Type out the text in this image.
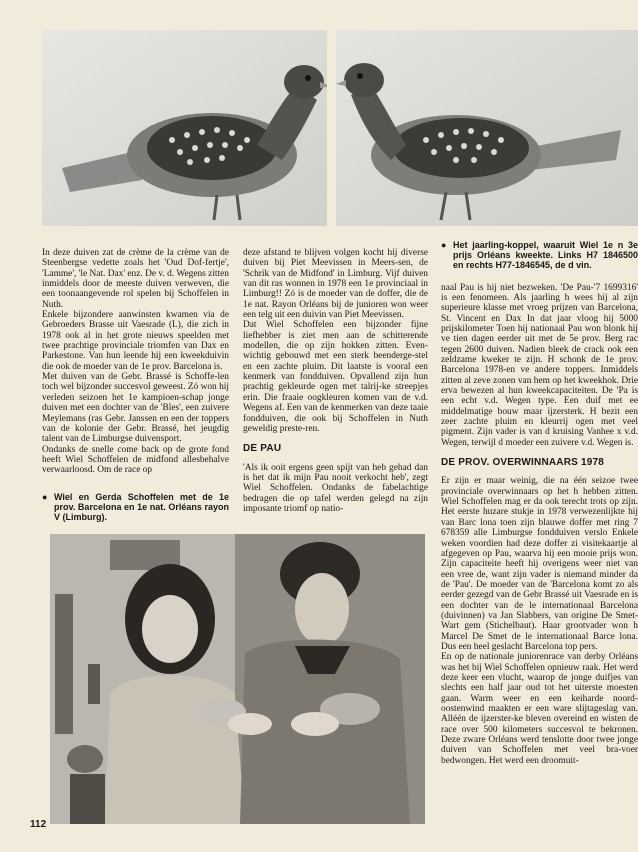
In deze duiven zat de crème de la crème van de Steenbergse vedette zoals het 'Oud Dof-fertje', 'Lamme', 'le Nat. Dax' enz. De v. d. Wegens zitten inmiddels door de meeste duiven verweven, die een toonaangevende rol spelen bij Schoffelen in Nuth.

Enkele bijzondere aanwinsten kwamen via de Gebroeders Brasse uit Vaesrade (L), die zich in 1978 ook al in het grote nieuws speelden met twee prachtige provinciale triomfen van Dax en Parkestone. Van hun leende hij een kweekduivin die ook de moeder van de 1e prov. Barcelona is.

Met duiven van de Gebr. Brassé is Schoffe-len toch wel bijzonder succesvol geweest. Zó won hij verleden seizoen het 1e kampioen-schap jonge duiven met een dochter van de 'Bles', een zuivere Meylemans (ras Gebr. Janssen en een der toppers van de kolonie der Gebr. Brassé, het jeugdig talent van de Limburgse duivensport.

Ondanks de snelle come back op de grote fond heeft Wiel Schoffelen de midfond allesbehalve verwaarloosd. Om de race op

● Wiel en Gerda Schoffelen met de 1e prov. Barcelona en 1e nat. Orléans rayon V (Limburg).

deze afstand te blijven volgen kocht hij diverse duiven bij Piet Meevissen in Meers-sen, de 'Schrik van de Midfond' in Limburg. Vijf duiven van dit ras wonnen in 1978 een 1e provinciaal in Limburg!! Zó is de moeder van de doffer, die de 1e nat. Rayon Orléans bij de junioren won weer een telg uit een duivin van Piet Meevissen.

Dat Wiel Schoffelen een bijzonder fijne liefhebber is ziet men aan de schitterende modellen, die op zijn hokken zitten. Even-wichtig gebouwd met een sterk beenderge-stel en een zachte pluim. Dit laatste is vooral een kenmerk van fondduiven. Opvallend zijn hun prachtig gekleurde ogen met talrij-ke streepjes erin. Die fraaie oogkleuren komen van de v.d. Wegens af. Een van de kenmerken van deze taaie fondduiven, die ook bij Schoffelen in Nuth geweldig preste-ren.

DE PAU

'Als ik ooit ergens geen spijt van heb gehad dan is het dat ik mijn Pau nooit verkocht heb', zegt Wiel Schoffelen. Ondanks de fabelachtige bedragen die op tafel werden gelegd na zijn imposante triomf op natio-

● Het jaarling-koppel, waaruit Wiel 1e n 3e prijs Orléans kweekte. Links H7 1846500 en rechts H77-1846545, de d vin.

naal Pau is hij niet bezweken. 'De Pau-'7 1699316' is een fenomeen. Als jaarling h wees hij al zijn superieure klasse met vroeg prijzen van Barcelona, St. Vincent en Dax In dat jaar vloog hij 5000 prijskilometer Toen hij nationaal Pau won blonk hij ve tien dagen eerder uit met de 5e prov. Berg rac tegen 2600 duiven. Nadien bleek de crack ook een zeldzame kweker te zijn. H schonk de 1e prov. Barcelona 1978-en ve andere toppers. Inmiddels zitten al zeve zonen van hem op het kweekhok. Drie erva bewezen al hun kweekcapaciteiten. De 'Pa is een echt v.d. Wegen type. Een duif met ee middelmatige bouw maar ijzersterk. H bezit een zeer zachte pluim en kleurrij ogen met veel pigment. Zijn vader is van d kruising Vanhee x v.d. Wegen, terwijl d moeder een zuivere v.d. Wegen is.

DE PROV. OVERWINNAARS 1978

Er zijn er maar weinig, die na één seizoe twee provinciale overwinnaars op het h hebben zitten. Wiel Schoffelen mag er da ook terecht trots op zijn. Het eerste huzare stukje in 1978 verwezenlijkte hij van Barc lona toen zijn blauwe doffer met ring 7 678359 alle Limburgse fondduiven verslo Enkele weken voordien had deze doffer zi visitekaartje al afgegeven op Pau, waarva hij een mooie prijs won. Zijn capaciteite heeft hij overigens weer niet van een vree de, want zijn vader is niemand minder da de 'Pau'. De moeder van de 'Barcelona komt zo als eerder gezegd van de Gebr Brassé uit Vaesrade en is een dochter van de le internationaal Barcelona (duivinnen) va Jan Slabbers, van origine De Smet-Wart gem (Stichelbaut). Haar grootvader won h Marcel De Smet de le internationaal Barce lona. Dus een heel geslacht Barcelona top pers.

En op de nationale juniorenrace van derby Orléans was het bij Wiel Schoffelen opnieuw raak. Het werd deze keer een vlucht, waarop de jonge duifjes van slechts een half jaar oud tot het uiterste moesten gaan. Warm weer en een keiharde noord-oostenwind maakten er een ware slijtageslag van. Alléén de ijzerster-ke bleven overeind en wisten de race over 500 kilometers succesvol te bekronen. Deze zware Orléans werd tenslotte door twee jonge duiven van Schoffelen met veel bra-voer bedwongen. Het werd een droomuit-

112
